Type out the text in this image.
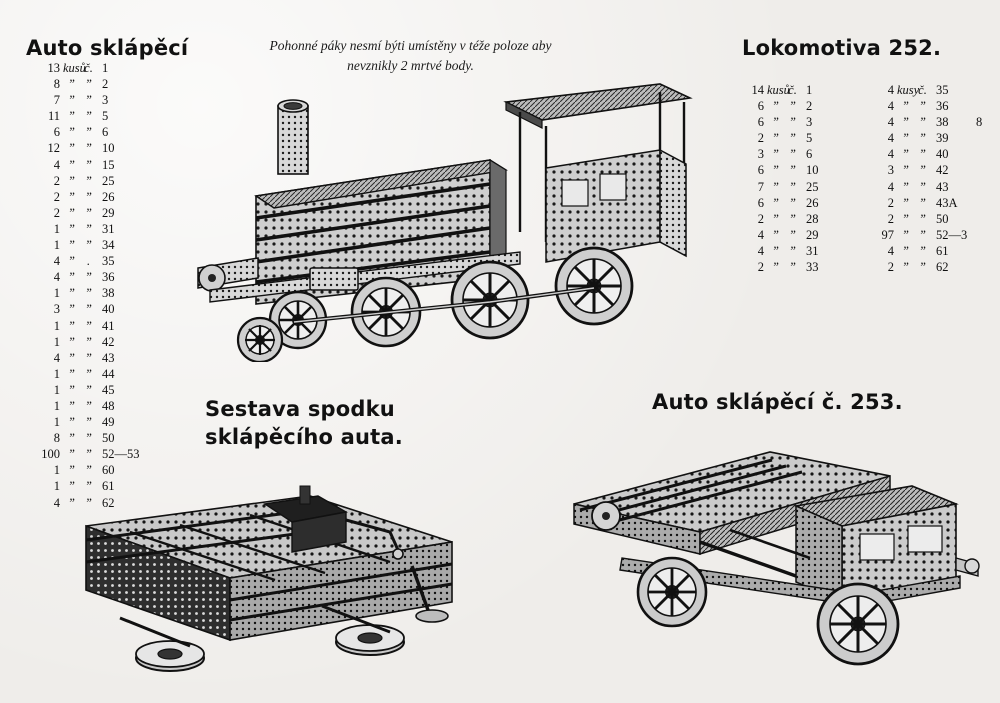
Auto sklápěcí
13 kusů
č. 1
8 ” ” 2
7 ” ” 3
11 ” ” 5
6 ” ” 6
12 ” ” 10
4 ” ” 15
2 ” ” 25
2 ” ” 26
2 ” ” 29
1 ” ” 31
1 ” ” 34
4 ” . 35
4 ” ” 36
1 ” ” 38
3 ” ” 40
1 ” ” 41
1 ” ” 42
4 ” ” 43
1 ” ” 44
1 ” ” 45
1 ” ” 48
1 ” ” 49
8 ” ” 50
100 ” ” 52—53
1 ” ” 60
1 ” ” 61
4 ” ” 62
Pohonné páky nesmí býti umístěny v téže poloze aby nevznikly 2 mrtvé body.
Lokomotiva 252.
14 kusů
č. 1
6 ” ” 2
6 ” ” 3
2 ” ” 5
3 ” ” 6
6 ” ” 10
7 ” ” 25
6 ” ” 26
2 ” ” 28
4 ” ” 29
4 ” ” 31
2 ” ” 33
4 kusy
č. 35
4 ” ” 36
4 ” ” 38	8
4 ” ” 39
4 ” ” 40
3 ” ” 42
4 ” ” 43
2 ” ” 43A
2 ” ” 50
97 ” ” 52—3
4 ” ” 61
2 ” ” 62
Sestava spodku
sklápěcího auta.
Auto sklápěcí č. 253.
